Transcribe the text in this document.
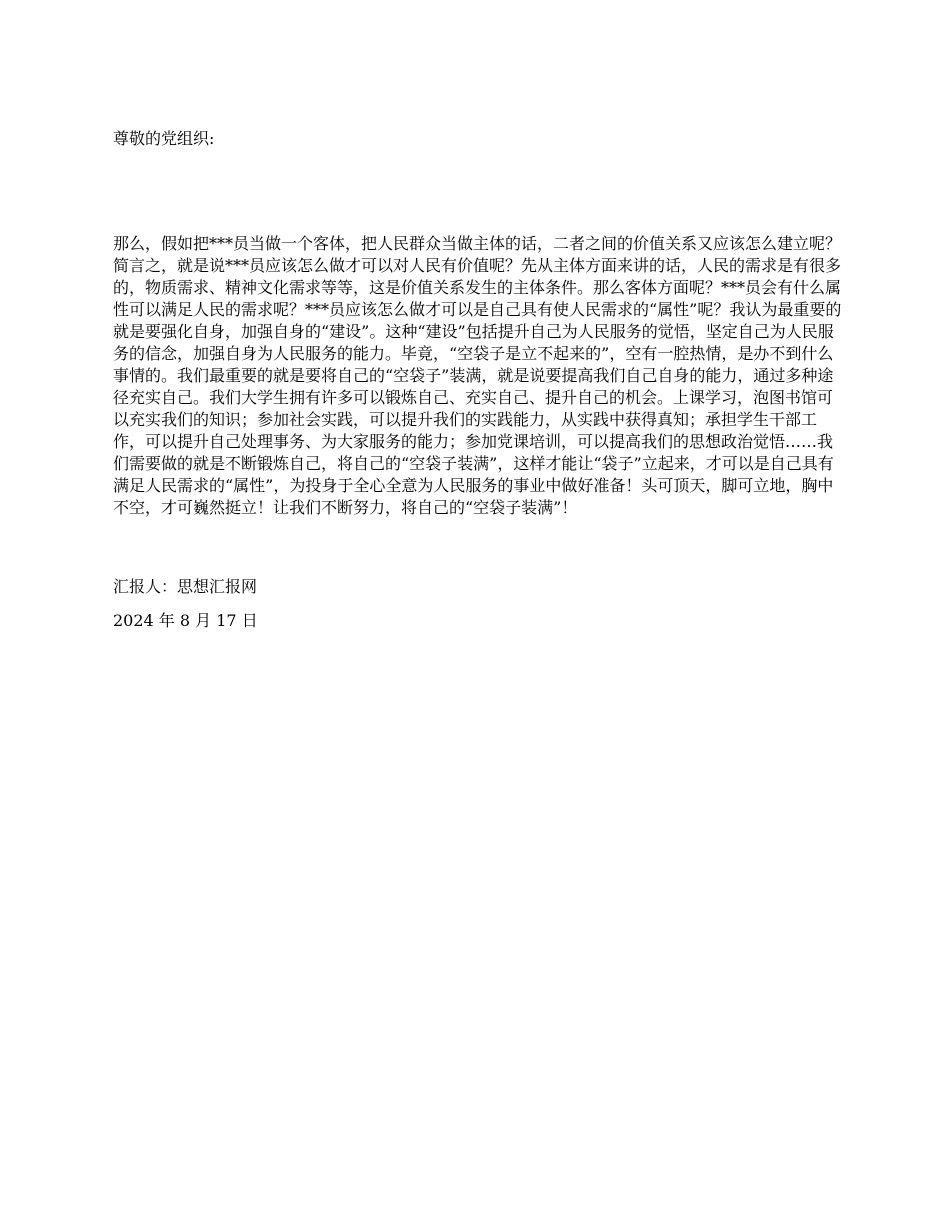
尊敬的党组织:

那么，假如把***员当做一个客体，把人民群众当做主体的话，二者之间的价值关系又应该怎么建立呢？简言之，就是说***员应该怎么做才可以对人民有价值呢？先从主体方面来讲的话，人民的需求是有很多的，物质需求、精神文化需求等等，这是价值关系发生的主体条件。那么客体方面呢？***员会有什么属性可以满足人民的需求呢？***员应该怎么做才可以是自己具有使人民需求的“属性”呢？我认为最重要的就是要强化自身，加强自身的“建设”。这种“建设”包括提升自己为人民服务的觉悟，坚定自己为人民服务的信念，加强自身为人民服务的能力。毕竟，“空袋子是立不起来的”，空有一腔热情，是办不到什么事情的。我们最重要的就是要将自己的“空袋子”装满，就是说要提高我们自己自身的能力，通过多种途径充实自己。我们大学生拥有许多可以锻炼自己、充实自己、提升自己的机会。上课学习，泡图书馆可以充实我们的知识；参加社会实践，可以提升我们的实践能力，从实践中获得真知；承担学生干部工作，可以提升自己处理事务、为大家服务的能力；参加党课培训，可以提高我们的思想政治觉悟……我们需要做的就是不断锻炼自己，将自己的“空袋子装满”，这样才能让“袋子”立起来，才可以是自己具有满足人民需求的“属性”，为投身于全心全意为人民服务的事业中做好准备！头可顶天，脚可立地，胸中不空，才可巍然挺立！让我们不断努力，将自己的“空袋子装满”！

汇报人：思想汇报网
2024 年 8 月 17 日
